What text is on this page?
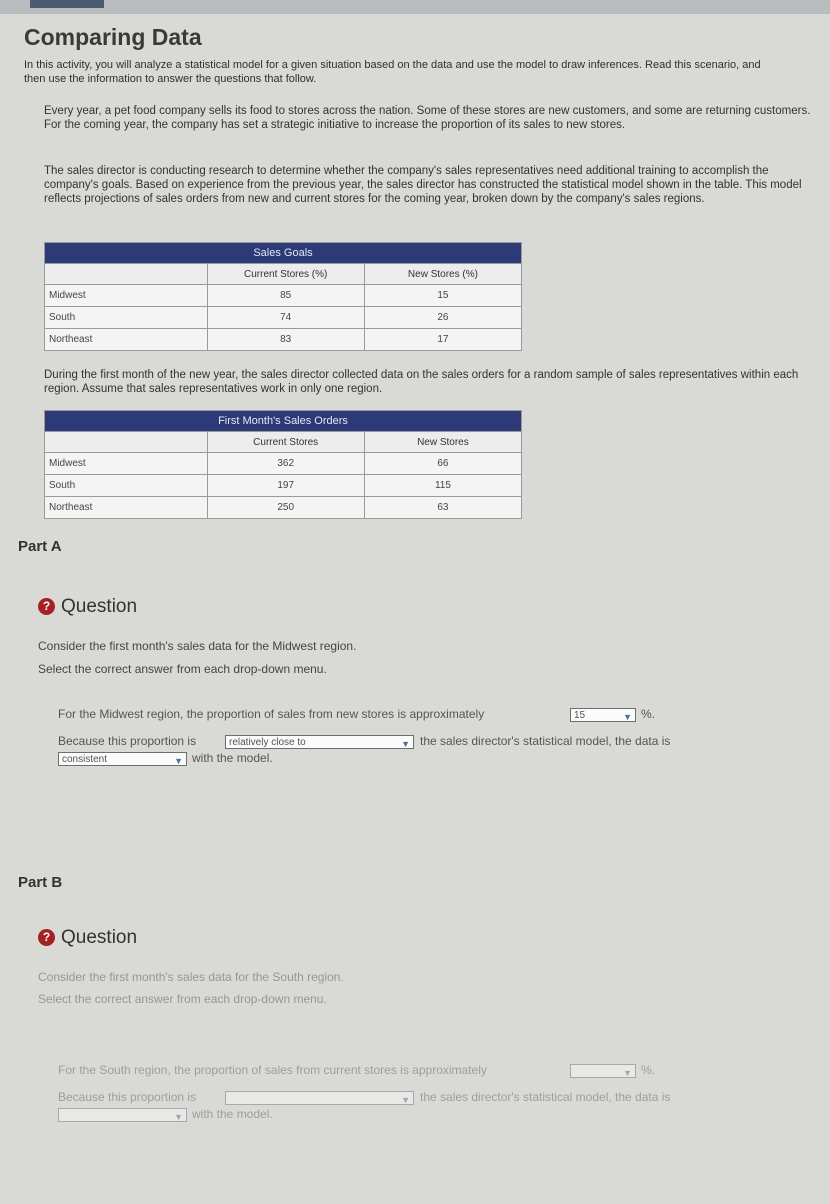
Comparing Data

In this activity, you will analyze a statistical model for a given situation based on the data and use the model to draw inferences. Read this scenario, and then use the information to answer the questions that follow.

Every year, a pet food company sells its food to stores across the nation. Some of these stores are new customers, and some are returning customers. For the coming year, the company has set a strategic initiative to increase the proportion of its sales to new stores.

The sales director is conducting research to determine whether the company's sales representatives need additional training to accomplish the company's goals. Based on experience from the previous year, the sales director has constructed the statistical model shown in the table. This model reflects projections of sales orders from new and current stores for the coming year, broken down by the company's sales regions.

Sales Goals		
	Current Stores (%)	New Stores (%)
Midwest	85	15
South	74	26
Northeast	83	17

During the first month of the new year, the sales director collected data on the sales orders for a random sample of sales representatives within each region. Assume that sales representatives work in only one region.

First Month's Sales Orders		
	Current Stores	New Stores
Midwest	362	66
South	197	115
Northeast	250	63
Part A
? Question
Consider the first month's sales data for the Midwest region.
Select the correct answer from each drop-down menu.
For the Midwest region, the proportion of sales from new stores is approximately	15	▼ %.
Because this proportion is	relatively close to	▼ the sales director's statistical model, the data is
consistent	▼ with the model.
Part B
? Question
Consider the first month's sales data for the South region.
Select the correct answer from each drop-down menu.
For the South region, the proportion of sales from current stores is approximately	▼ %.
Because this proportion is	▼ the sales director's statistical model, the data is
▼ with the model.
